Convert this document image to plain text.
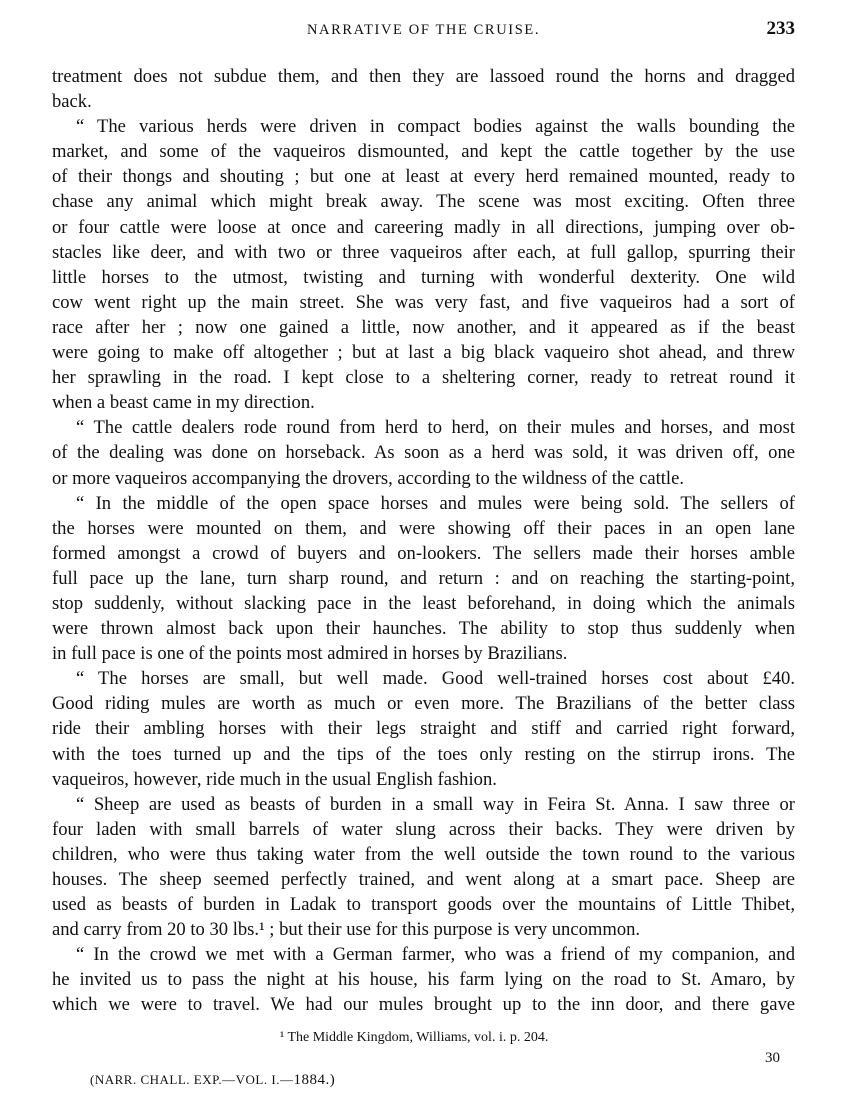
NARRATIVE OF THE CRUISE.	233
treatment does not subdue them, and then they are lassoed round the horns and dragged
back.
“ The various herds were driven in compact bodies against the walls bounding the
market, and some of the vaqueiros dismounted, and kept the cattle together by the use
of their thongs and shouting ; but one at least at every herd remained mounted, ready to
chase any animal which might break away. The scene was most exciting. Often three
or four cattle were loose at once and careering madly in all directions, jumping over ob-
stacles like deer, and with two or three vaqueiros after each, at full gallop, spurring their
little horses to the utmost, twisting and turning with wonderful dexterity. One wild
cow went right up the main street. She was very fast, and five vaqueiros had a sort of
race after her ; now one gained a little, now another, and it appeared as if the beast
were going to make off altogether ; but at last a big black vaqueiro shot ahead, and threw
her sprawling in the road. I kept close to a sheltering corner, ready to retreat round it
when a beast came in my direction.
“ The cattle dealers rode round from herd to herd, on their mules and horses, and most
of the dealing was done on horseback. As soon as a herd was sold, it was driven off, one
or more vaqueiros accompanying the drovers, according to the wildness of the cattle.
“ In the middle of the open space horses and mules were being sold. The sellers of
the horses were mounted on them, and were showing off their paces in an open lane
formed amongst a crowd of buyers and on-lookers. The sellers made their horses amble
full pace up the lane, turn sharp round, and return : and on reaching the starting-point,
stop suddenly, without slacking pace in the least beforehand, in doing which the animals
were thrown almost back upon their haunches. The ability to stop thus suddenly when
in full pace is one of the points most admired in horses by Brazilians.
“ The horses are small, but well made. Good well-trained horses cost about £40.
Good riding mules are worth as much or even more. The Brazilians of the better class
ride their ambling horses with their legs straight and stiff and carried right forward,
with the toes turned up and the tips of the toes only resting on the stirrup irons. The
vaqueiros, however, ride much in the usual English fashion.
“ Sheep are used as beasts of burden in a small way in Feira St. Anna. I saw three or
four laden with small barrels of water slung across their backs. They were driven by
children, who were thus taking water from the well outside the town round to the various
houses. The sheep seemed perfectly trained, and went along at a smart pace. Sheep are
used as beasts of burden in Ladak to transport goods over the mountains of Little Thibet,
and carry from 20 to 30 lbs.¹ ; but their use for this purpose is very uncommon.
“ In the crowd we met with a German farmer, who was a friend of my companion, and
he invited us to pass the night at his house, his farm lying on the road to St. Amaro, by
which we were to travel. We had our mules brought up to the inn door, and there gave
¹ The Middle Kingdom, Williams, vol. i. p. 204.
30
(NARR. CHALL. EXP.—VOL. I.—1884.)
